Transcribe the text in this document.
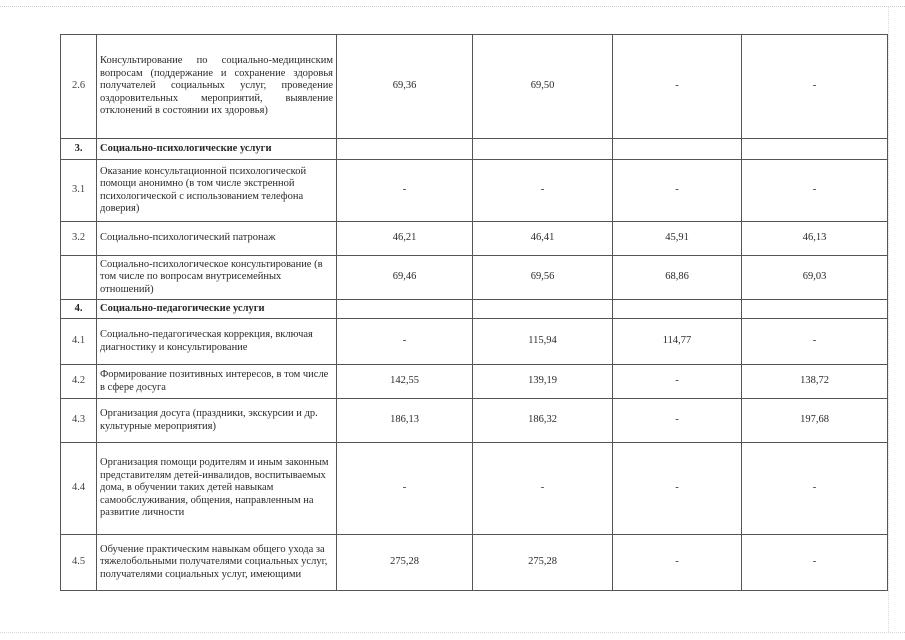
2.6	Консультирование по социально-медицинским вопросам (поддержание и сохранение здоровья получателей социальных услуг, проведение оздоровительных мероприятий, выявление отклонений в состоянии их здоровья)	69,36	69,50	-	-
3.	Социально-психологические услуги				
3.1	Оказание консультационной психологической помощи анонимно (в том числе экстренной психологической с использованием телефона доверия)	-	-	-	-
3.2	Социально-психологический патронаж	46,21	46,41	45,91	46,13
	Социально-психологическое консультирование (в том числе по вопросам внутрисемейных отношений)	69,46	69,56	68,86	69,03
4.	Социально-педагогические услуги				
4.1	Социально-педагогическая коррекция, включая диагностику и консультирование	-	115,94	114,77	-
4.2	Формирование позитивных интересов, в том числе в сфере досуга	142,55	139,19	-	138,72
4.3	Организация досуга (праздники, экскурсии и др. культурные мероприятия)	186,13	186,32	-	197,68
4.4	Организация помощи родителям и иным законным представителям детей-инвалидов, воспитываемых дома, в обучении таких детей навыкам самообслуживания, общения, направленным на развитие личности	-	-	-	-
4.5	Обучение практическим навыкам общего ухода за тяжелобольными получателями социальных услуг, получателями социальных услуг, имеющими	275,28	275,28	-	-
